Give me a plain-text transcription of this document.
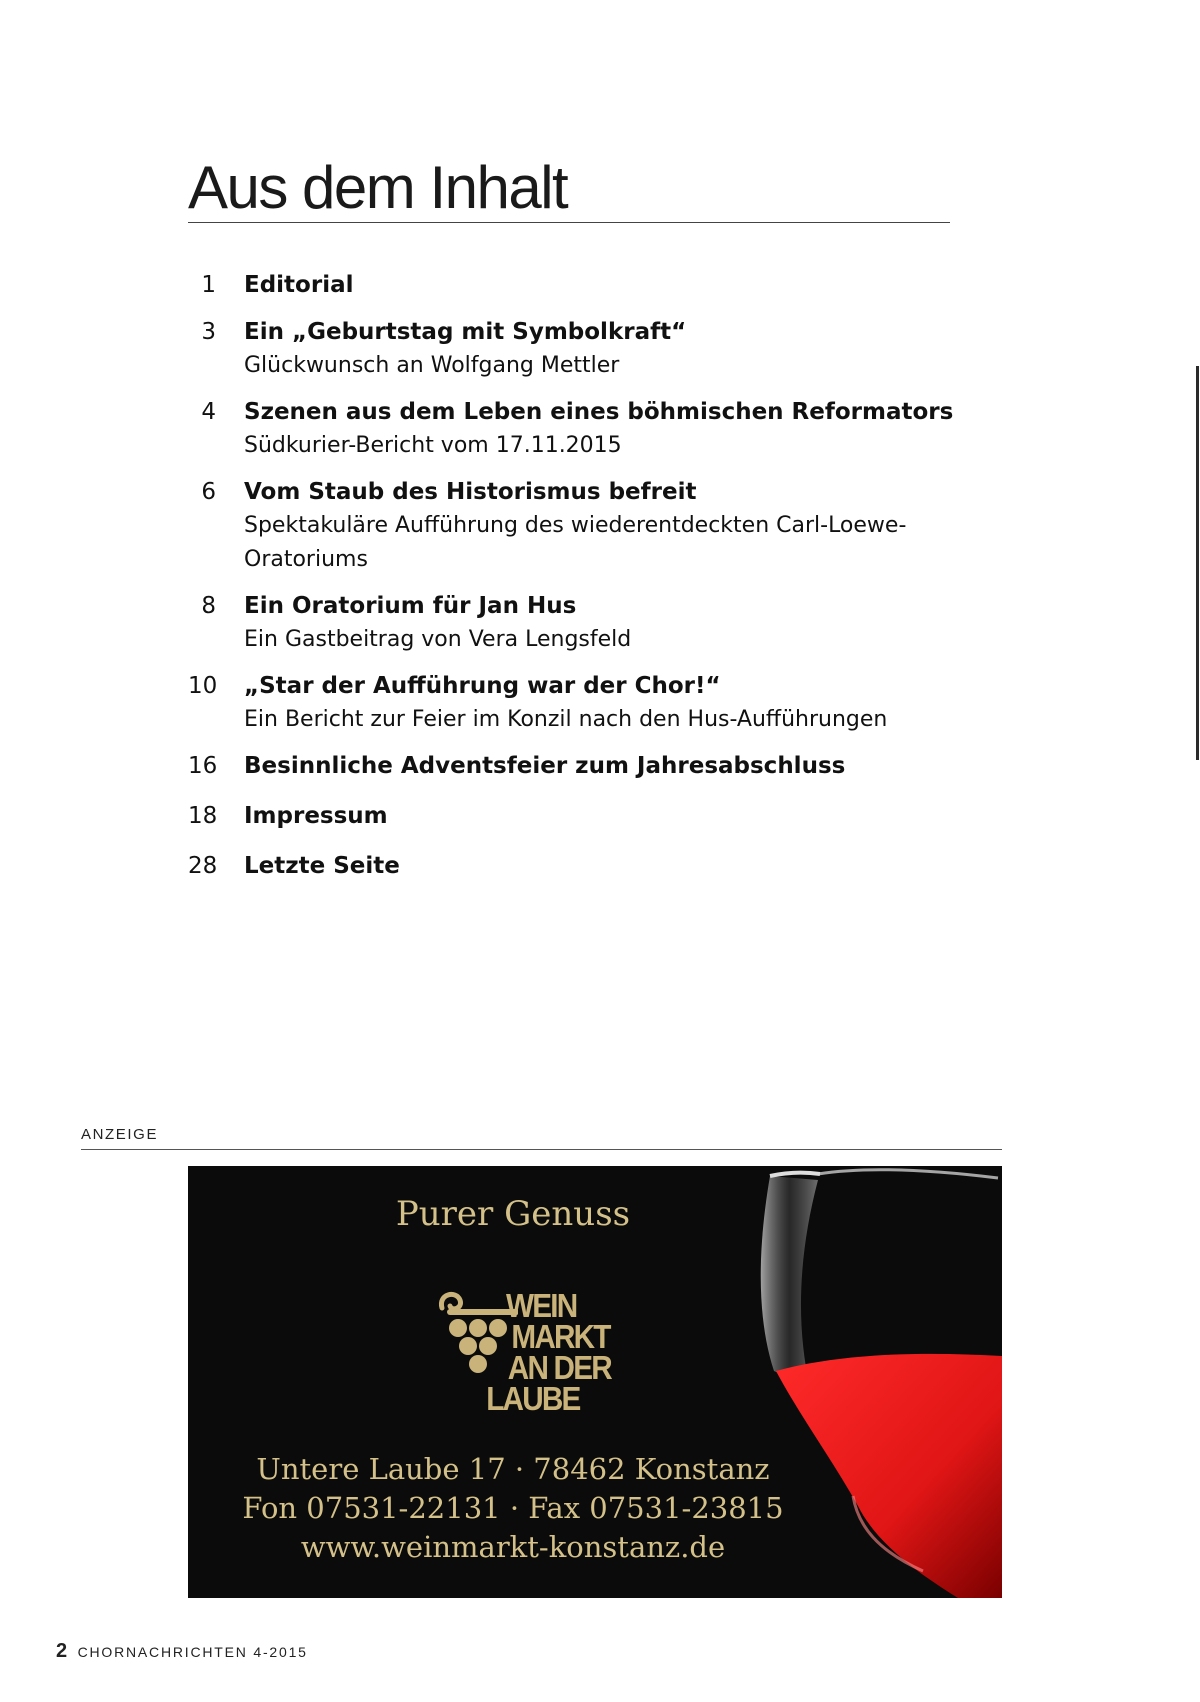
Aus dem Inhalt
1 Editorial
3 Ein „Geburtstag mit Symbolkraft“
Glückwunsch an Wolfgang Mettler
4 Szenen aus dem Leben eines böhmischen Reformators
Südkurier-Bericht vom 17.11.2015
6 Vom Staub des Historismus befreit
Spektakuläre Aufführung des wiederentdeckten Carl-Loewe-Oratoriums
8 Ein Oratorium für Jan Hus
Ein Gastbeitrag von Vera Lengsfeld
10 „Star der Aufführung war der Chor!“
Ein Bericht zur Feier im Konzil nach den Hus-Aufführungen
16 Besinnliche Adventsfeier zum Jahresabschluss
18 Impressum
28 Letzte Seite
ANZEIGE
Purer Genuss
WEIN
MARKT
AN DER
LAUBE
Untere Laube 17 · 78462 Konstanz
Fon 07531-22131 · Fax 07531-23815
www.weinmarkt-konstanz.de
2 CHORNACHRICHTEN 4-2015
